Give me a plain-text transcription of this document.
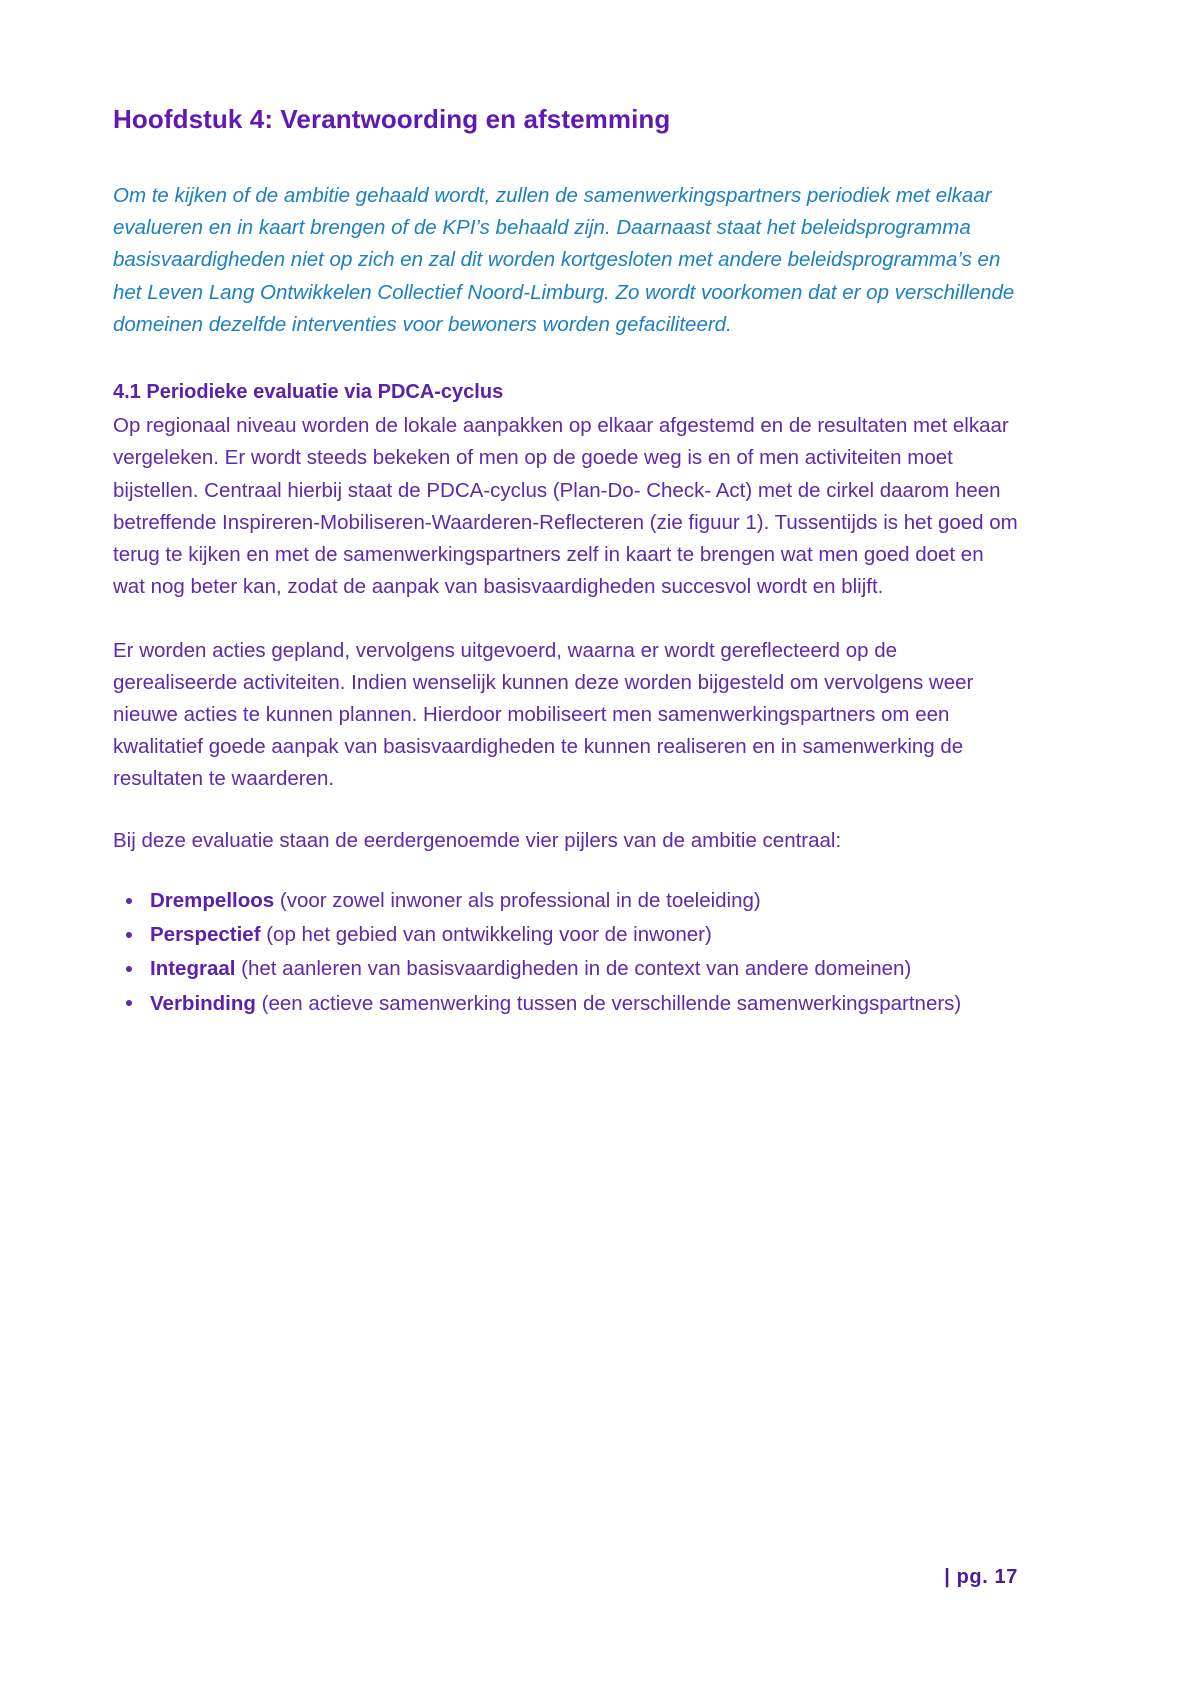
Hoofdstuk 4: Verantwoording en afstemming

Om te kijken of de ambitie gehaald wordt, zullen de samenwerkingspartners periodiek met elkaar evalueren en in kaart brengen of de KPI’s behaald zijn. Daarnaast staat het beleidsprogramma basisvaardigheden niet op zich en zal dit worden kortgesloten met andere beleidsprogramma’s en het Leven Lang Ontwikkelen Collectief Noord-Limburg. Zo wordt voorkomen dat er op verschillende domeinen dezelfde interventies voor bewoners worden gefaciliteerd.

4.1 Periodieke evaluatie via PDCA-cyclus

Op regionaal niveau worden de lokale aanpakken op elkaar afgestemd en de resultaten met elkaar vergeleken. Er wordt steeds bekeken of men op de goede weg is en of men activiteiten moet bijstellen. Centraal hierbij staat de PDCA-cyclus (Plan-Do- Check- Act) met de cirkel daarom heen betreffende Inspireren-Mobiliseren-Waarderen-Reflecteren (zie figuur 1). Tussentijds is het goed om terug te kijken en met de samenwerkingspartners zelf in kaart te brengen wat men goed doet en wat nog beter kan, zodat de aanpak van basisvaardigheden succesvol wordt en blijft.

Er worden acties gepland, vervolgens uitgevoerd, waarna er wordt gereflecteerd op de gerealiseerde activiteiten. Indien wenselijk kunnen deze worden bijgesteld om vervolgens weer nieuwe acties te kunnen plannen. Hierdoor mobiliseert men samenwerkingspartners om een kwalitatief goede aanpak van basisvaardigheden te kunnen realiseren en in samenwerking de resultaten te waarderen.

Bij deze evaluatie staan de eerdergenoemde vier pijlers van de ambitie centraal:

Drempelloos (voor zowel inwoner als professional in de toeleiding)
Perspectief (op het gebied van ontwikkeling voor de inwoner)
Integraal (het aanleren van basisvaardigheden in de context van andere domeinen)
Verbinding (een actieve samenwerking tussen de verschillende samenwerkingspartners)
| pg. 17
